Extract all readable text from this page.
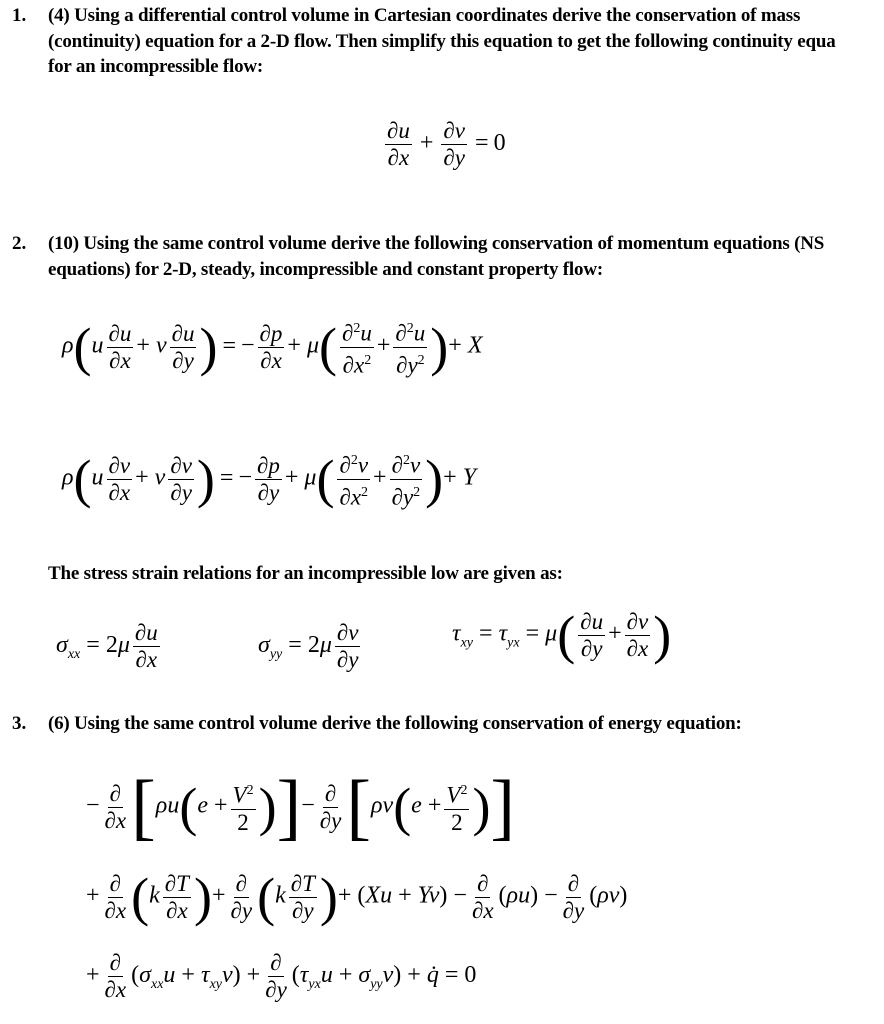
1. (4) Using a differential control volume in Cartesian coordinates derive the conservation of mass
(continuity) equation for a 2-D flow. Then simplify this equation to get the following continuity equa
for an incompressible flow:
$\frac{\partial u}{\partial x} + \frac{\partial v}{\partial y} = 0$
2. (10) Using the same control volume derive the following conservation of momentum equations (NS
equations) for 2-D, steady, incompressible and constant property flow:
$\rho(u \frac{\partial u}{\partial x} + v \frac{\partial u}{\partial y}$ ) = − $\frac{\partial p}{\partial x} + \mu( \frac{\partial^2u}{\partial x^2} + \frac{\partial^2u}{\partial y^2}$ )+ X
$\rho(u \frac{\partial v}{\partial x} + v \frac{\partial v}{\partial y}$ ) = − $\frac{\partial p}{\partial y} + \mu( \frac{\partial^2v}{\partial x^2} + \frac{\partial^2v}{\partial y^2}$ )+ Y
The stress strain relations for an incompressible low are given as:
$\sigma_{xx} = 2\mu \frac{\partial u}{\partial x}$	$\sigma_{yy} = 2\mu \frac{\partial v}{\partial y}$	$\tau_{xy} = \tau_{yx} = \mu( \frac{\partial u}{\partial y} + \frac{\partial v}{\partial x}$ )
3. (6) Using the same control volume derive the following conservation of energy equation:
− $\frac{\partial}{\partial x} [\rho u(e + \frac{V^2}{2}$ )]− $\frac{\partial}{\partial y} [\rho v(e + \frac{V^2}{2}$ )]
+ $\frac{\partial}{\partial x} (k \frac{\partial T}{\partial x}$ )+ $\frac{\partial}{\partial y} (k \frac{\partial T}{\partial y}$ )+ $(Xu + Yv) - \frac{\partial}{\partial x} (\rho u) - \frac{\partial}{\partial y} (\rho v)$
+ $\frac{\partial}{\partial x} (\sigma_{xx}u + \tau_{xy}v) + \frac{\partial}{\partial y} (\tau_{yx}u + \sigma_{yy}v)$ + q̇ = 0
